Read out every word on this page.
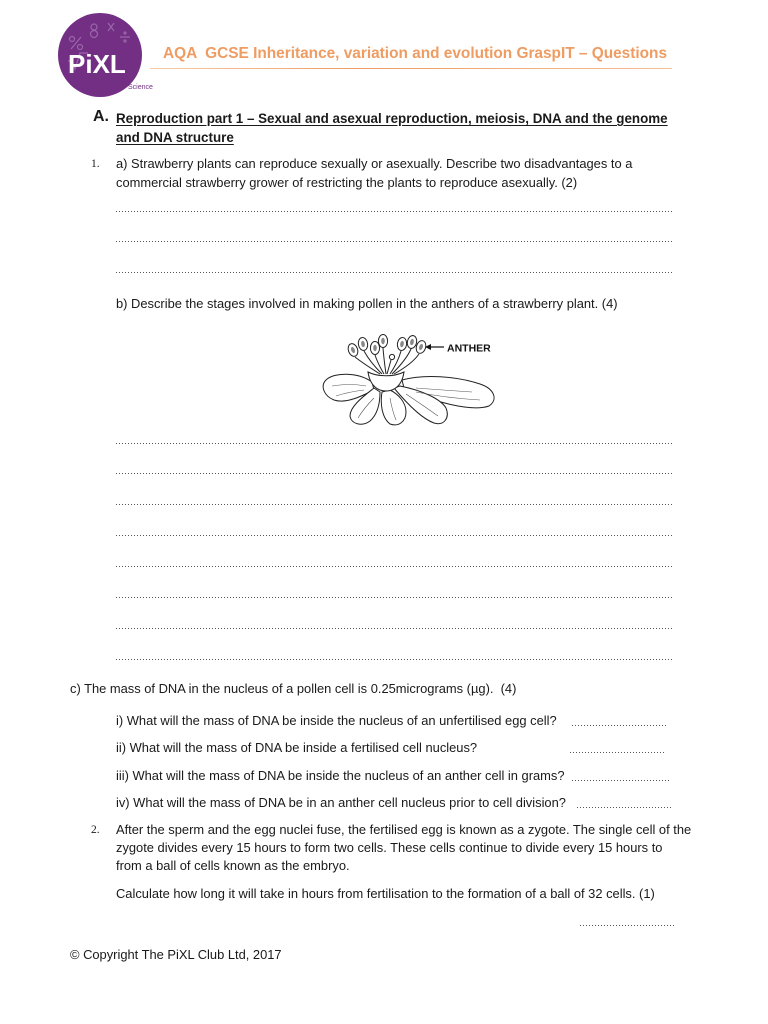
PiXL
Science
AQA  GCSE Inheritance, variation and evolution GraspIT – Questions
A. Reproduction part 1 – Sexual and asexual reproduction, meiosis, DNA and the genome
and DNA structure
1. a) Strawberry plants can reproduce sexually or asexually. Describe two disadvantages to a
commercial strawberry grower of restricting the plants to reproduce asexually. (2)
b) Describe the stages involved in making pollen in the anthers of a strawberry plant. (4)
ANTHER
c) The mass of DNA in the nucleus of a pollen cell is 0.25micrograms (µg).  (4)
i) What will the mass of DNA be inside the nucleus of an unfertilised egg cell?
ii) What will the mass of DNA be inside a fertilised cell nucleus?
iii) What will the mass of DNA be inside the nucleus of an anther cell in grams?
iv) What will the mass of DNA be in an anther cell nucleus prior to cell division?
2. After the sperm and the egg nuclei fuse, the fertilised egg is known as a zygote. The single cell of the
zygote divides every 15 hours to form two cells. These cells continue to divide every 15 hours to
from a ball of cells known as the embryo.
Calculate how long it will take in hours from fertilisation to the formation of a ball of 32 cells. (1)
© Copyright The PiXL Club Ltd, 2017
